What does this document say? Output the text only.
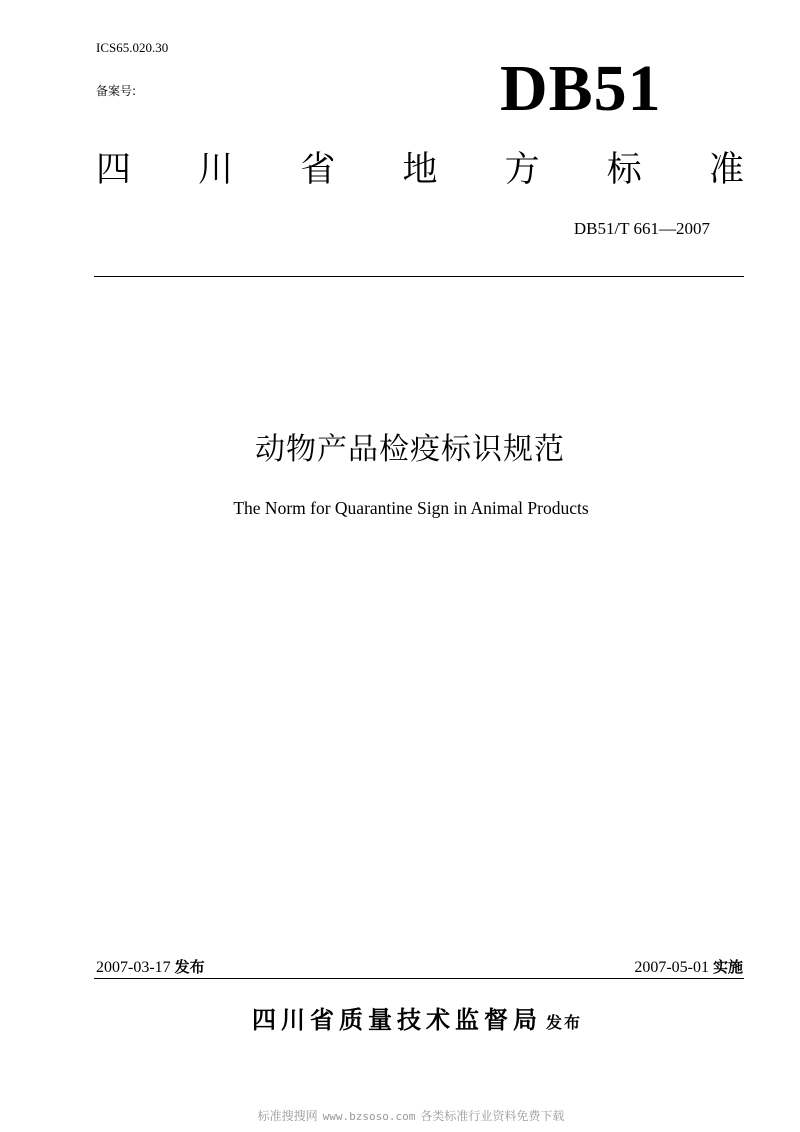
ICS65.020.30
备案号:	DB51
四 川 省 地 方 标 准
DB51/T 661—2007
动物产品检疫标识规范
The Norm for Quarantine Sign in Animal Products
2007-03-17 发布	2007-05-01 实施
四川省质量技术监督局 发布
标准搜搜网 www.bzsoso.com 各类标准行业资料免费下载
